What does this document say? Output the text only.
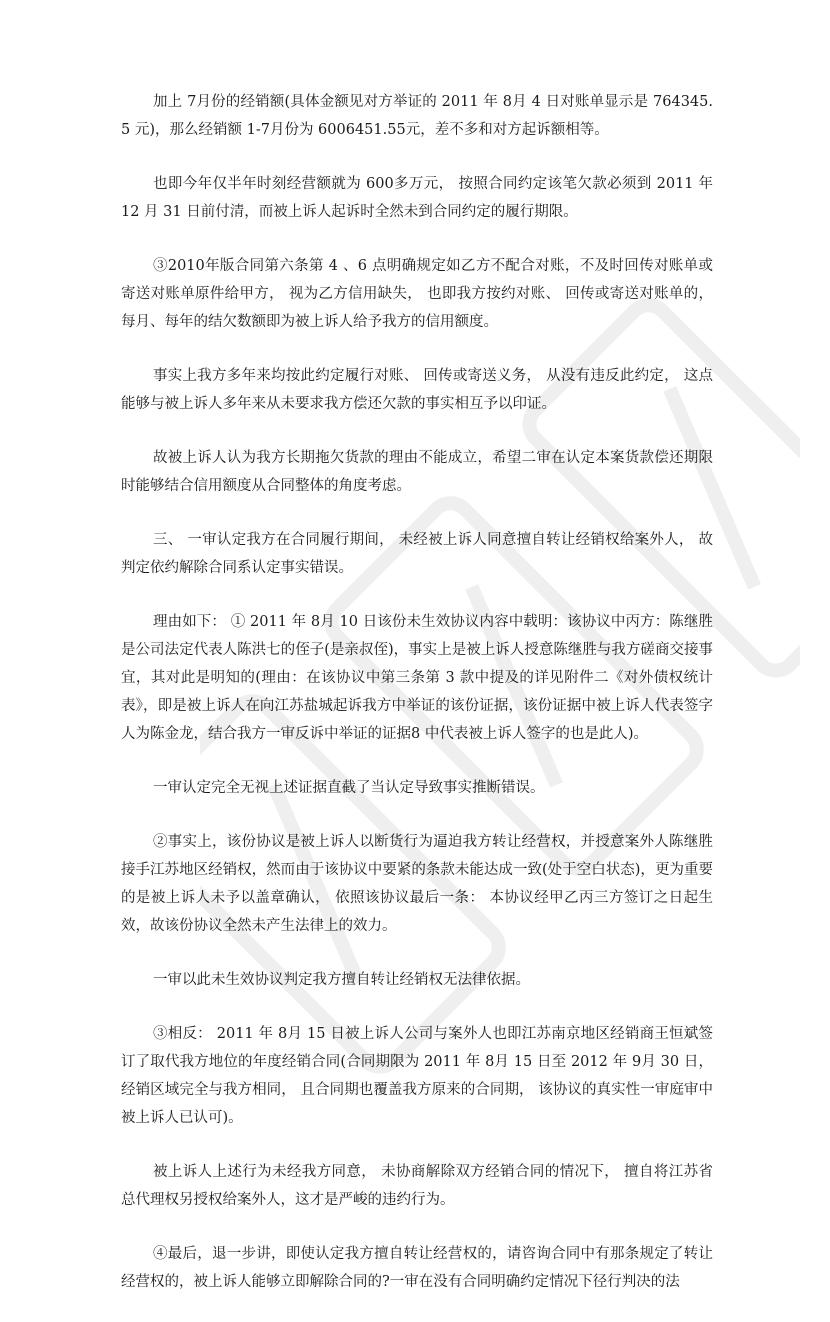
加上 7月份的经销额(具体金额见对方举证的 2011 年 8月 4 日对账单显示是 764345.5 元)，那么经销额 1-7月份为 6006451.55元，差不多和对方起诉额相等。

也即今年仅半年时刻经营额就为 600多万元， 按照合同约定该笔欠款必须到 2011 年 12 月 31 日前付清，而被上诉人起诉时全然未到合同约定的履行期限。

③2010年版合同第六条第 4 、6 点明确规定如乙方不配合对账，不及时回传对账单或寄送对账单原件给甲方， 视为乙方信用缺失， 也即我方按约对账、 回传或寄送对账单的，每月、每年的结欠数额即为被上诉人给予我方的信用额度。

事实上我方多年来均按此约定履行对账、 回传或寄送义务， 从没有违反此约定， 这点能够与被上诉人多年来从未要求我方偿还欠款的事实相互予以印证。

故被上诉人认为我方长期拖欠货款的理由不能成立，希望二审在认定本案货款偿还期限时能够结合信用额度从合同整体的角度考虑。

三、 一审认定我方在合同履行期间， 未经被上诉人同意擅自转让经销权给案外人， 故判定依约解除合同系认定事实错误。

理由如下： ① 2011 年 8月 10 日该份未生效协议内容中载明：该协议中丙方：陈继胜是公司法定代表人陈洪七的侄子(是亲叔侄)，事实上是被上诉人授意陈继胜与我方磋商交接事宜，其对此是明知的(理由：在该协议中第三条第 3 款中提及的详见附件二《对外债权统计表》，即是被上诉人在向江苏盐城起诉我方中举证的该份证据，该份证据中被上诉人代表签字人为陈金龙，结合我方一审反诉中举证的证据8 中代表被上诉人签字的也是此人)。

一审认定完全无视上述证据直截了当认定导致事实推断错误。

②事实上，该份协议是被上诉人以断货行为逼迫我方转让经营权，并授意案外人陈继胜接手江苏地区经销权，然而由于该协议中要紧的条款未能达成一致(处于空白状态)，更为重要的是被上诉人未予以盖章确认， 依照该协议最后一条： 本协议经甲乙丙三方签订之日起生效，故该份协议全然未产生法律上的效力。

一审以此未生效协议判定我方擅自转让经销权无法律依据。

③相反： 2011 年 8月 15 日被上诉人公司与案外人也即江苏南京地区经销商王恒斌签订了取代我方地位的年度经销合同(合同期限为 2011 年 8月 15 日至 2012 年 9月 30 日，经销区域完全与我方相同， 且合同期也覆盖我方原来的合同期， 该协议的真实性一审庭审中被上诉人已认可)。

被上诉人上述行为未经我方同意， 未协商解除双方经销合同的情况下， 擅自将江苏省总代理权另授权给案外人，这才是严峻的违约行为。

④最后，退一步讲，即使认定我方擅自转让经营权的，请咨询合同中有那条规定了转让经营权的，被上诉人能够立即解除合同的?一审在没有合同明确约定情况下径行判决的法
